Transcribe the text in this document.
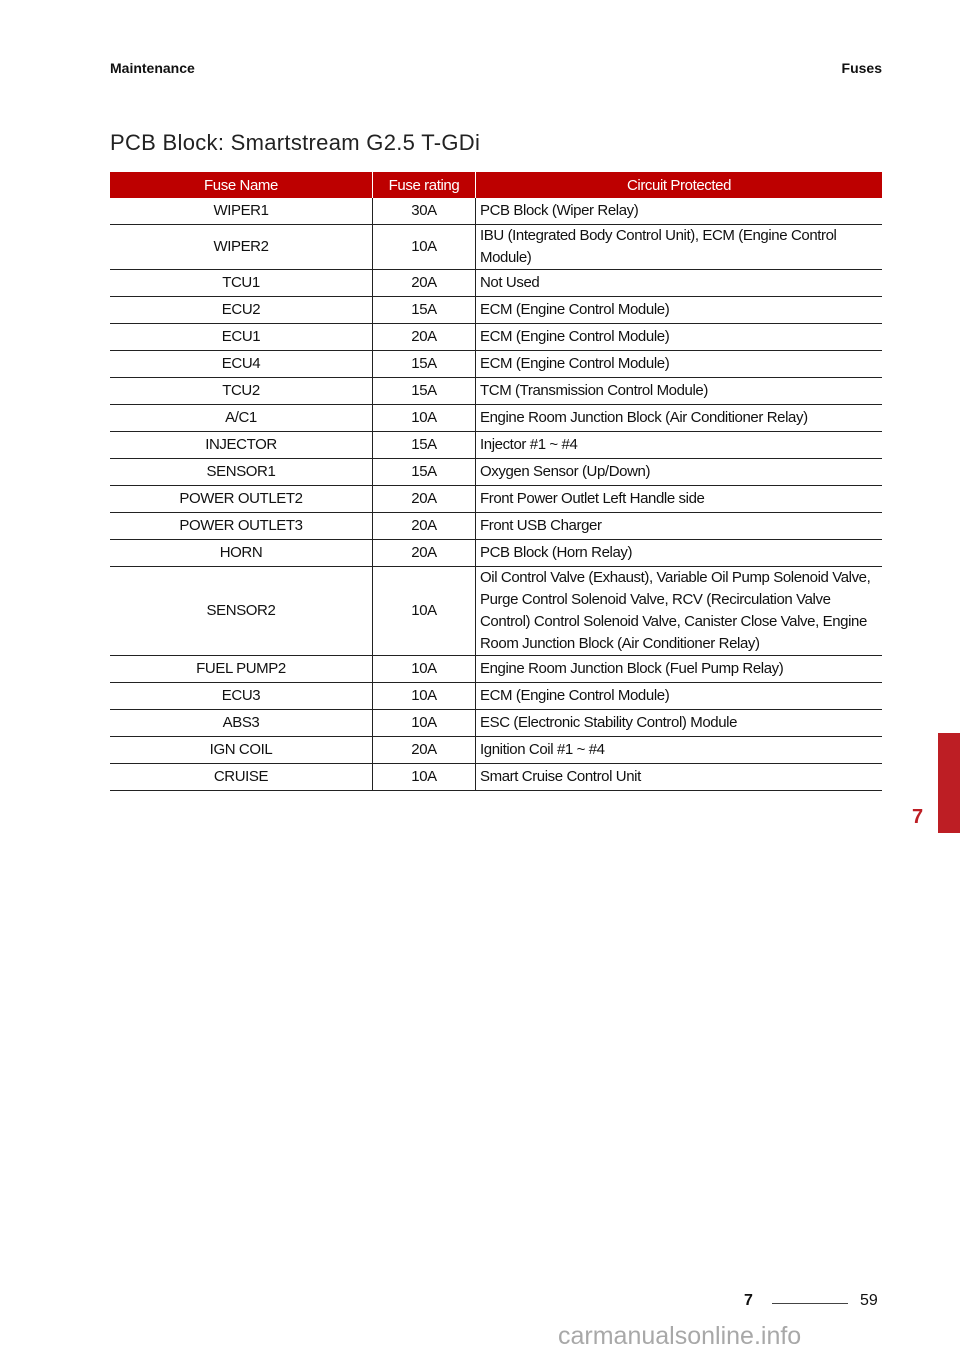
Maintenance	Fuses
PCB Block: Smartstream G2.5 T-GDi
Fuse Name	Fuse rating	Circuit Protected
WIPER1	30A	PCB Block (Wiper Relay)
WIPER2	10A	IBU (Integrated Body Control Unit), ECM (Engine Control Module)
TCU1	20A	Not Used
ECU2	15A	ECM (Engine Control Module)
ECU1	20A	ECM (Engine Control Module)
ECU4	15A	ECM (Engine Control Module)
TCU2	15A	TCM (Transmission Control Module)
A/C1	10A	Engine Room Junction Block (Air Conditioner Relay)
INJECTOR	15A	Injector #1 ~ #4
SENSOR1	15A	Oxygen Sensor (Up/Down)
POWER OUTLET2	20A	Front Power Outlet Left Handle side
POWER OUTLET3	20A	Front USB Charger
HORN	20A	PCB Block (Horn Relay)
SENSOR2	10A	Oil Control Valve (Exhaust), Variable Oil Pump Solenoid Valve, Purge Control Solenoid Valve, RCV (Recirculation Valve Control) Control Solenoid Valve, Canister Close Valve, Engine Room Junction Block (Air Conditioner Relay)
FUEL PUMP2	10A	Engine Room Junction Block (Fuel Pump Relay)
ECU3	10A	ECM (Engine Control Module)
ABS3	10A	ESC (Electronic Stability Control) Module
IGN COIL	20A	Ignition Coil #1 ~ #4
CRUISE	10A	Smart Cruise Control Unit
7
7	59
carmanualsonline.info
